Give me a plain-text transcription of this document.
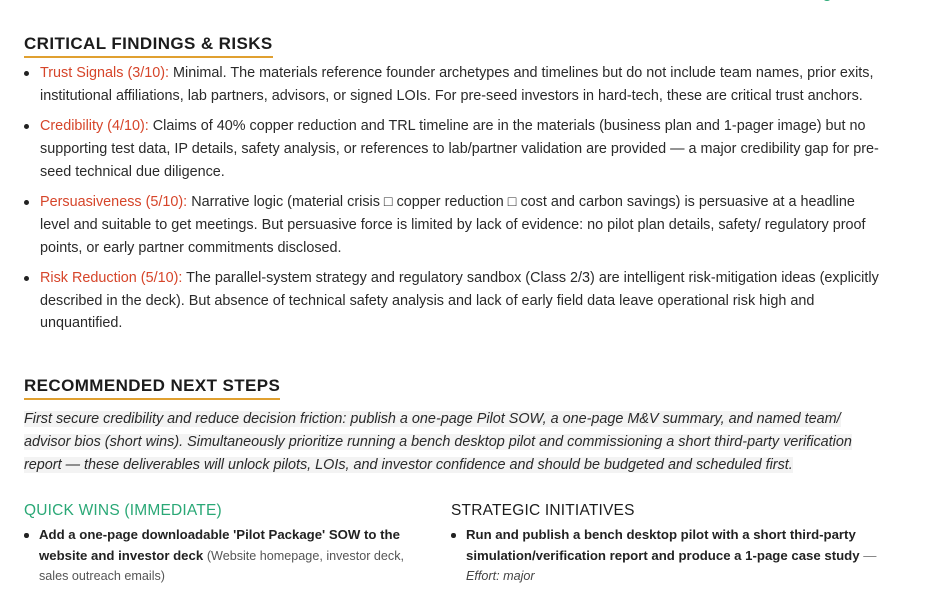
CRITICAL FINDINGS & RISKS
Trust Signals (3/10): Minimal. The materials reference founder archetypes and timelines but do not include team names, prior exits, institutional affiliations, lab partners, advisors, or signed LOIs. For pre-seed investors in hard-tech, these are critical trust anchors.
Credibility (4/10): Claims of 40% copper reduction and TRL timeline are in the materials (business plan and 1-pager image) but no supporting test data, IP details, safety analysis, or references to lab/partner validation are provided — a major credibility gap for pre-seed technical due diligence.
Persuasiveness (5/10): Narrative logic (material crisis □ copper reduction □ cost and carbon savings) is persuasive at a headline level and suitable to get meetings. But persuasive force is limited by lack of evidence: no pilot plan details, safety/ regulatory proof points, or early partner commitments disclosed.
Risk Reduction (5/10): The parallel-system strategy and regulatory sandbox (Class 2/3) are intelligent risk-mitigation ideas (explicitly described in the deck). But absence of technical safety analysis and lack of early field data leave operational risk high and unquantified.
RECOMMENDED NEXT STEPS
First secure credibility and reduce decision friction: publish a one-page Pilot SOW, a one-page M&V summary, and named team/ advisor bios (short wins). Simultaneously prioritize running a bench desktop pilot and commissioning a short third-party verification report — these deliverables will unlock pilots, LOIs, and investor confidence and should be budgeted and scheduled first.
QUICK WINS (IMMEDIATE)
Add a one-page downloadable 'Pilot Package' SOW to the website and investor deck (Website homepage, investor deck, sales outreach emails)
STRATEGIC INITIATIVES
Run and publish a bench desktop pilot with a short third-party simulation/verification report and produce a 1-page case study — Effort: major
